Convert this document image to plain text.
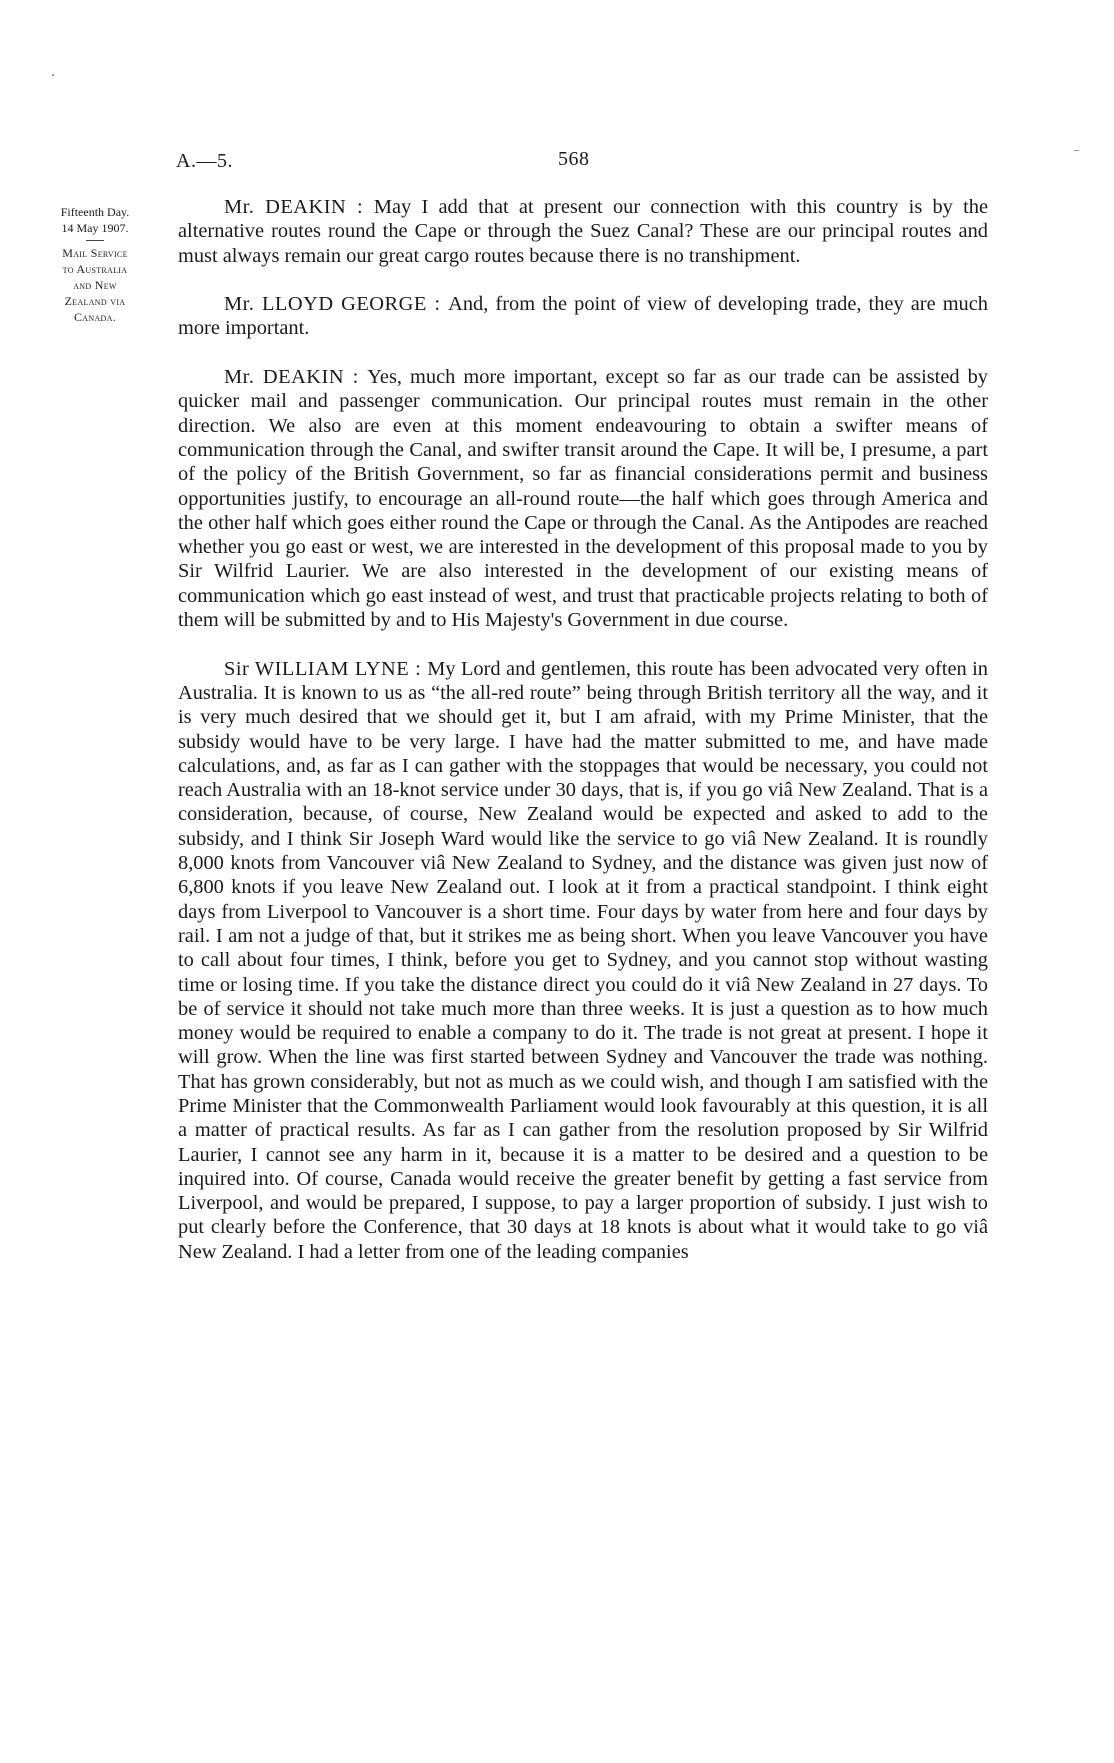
A.—5.	568
Fifteenth Day.
14 May 1907.
Mail Service
to Australia
and New
Zealand via
Canada.

Mr. DEAKIN : May I add that at present our connection with this country is by the alternative routes round the Cape or through the Suez Canal? These are our principal routes and must always remain our great cargo routes because there is no transhipment.

Mr. LLOYD GEORGE : And, from the point of view of developing trade, they are much more important.

Mr. DEAKIN : Yes, much more important, except so far as our trade can be assisted by quicker mail and passenger communication. Our principal routes must remain in the other direction. We also are even at this moment endeavouring to obtain a swifter means of communication through the Canal, and swifter transit around the Cape. It will be, I presume, a part of the policy of the British Government, so far as financial considerations permit and business opportunities justify, to encourage an all-round route—the half which goes through America and the other half which goes either round the Cape or through the Canal. As the Antipodes are reached whether you go east or west, we are interested in the development of this proposal made to you by Sir Wilfrid Laurier. We are also interested in the development of our existing means of communication which go east instead of west, and trust that practicable projects relating to both of them will be submitted by and to His Majesty's Government in due course.

Sir WILLIAM LYNE : My Lord and gentlemen, this route has been advocated very often in Australia. It is known to us as “the all-red route” being through British territory all the way, and it is very much desired that we should get it, but I am afraid, with my Prime Minister, that the subsidy would have to be very large. I have had the matter submitted to me, and have made calculations, and, as far as I can gather with the stoppages that would be necessary, you could not reach Australia with an 18-knot service under 30 days, that is, if you go viâ New Zealand. That is a consideration, because, of course, New Zealand would be expected and asked to add to the subsidy, and I think Sir Joseph Ward would like the service to go viâ New Zealand. It is roundly 8,000 knots from Vancouver viâ New Zealand to Sydney, and the distance was given just now of 6,800 knots if you leave New Zealand out. I look at it from a practical standpoint. I think eight days from Liverpool to Vancouver is a short time. Four days by water from here and four days by rail. I am not a judge of that, but it strikes me as being short. When you leave Vancouver you have to call about four times, I think, before you get to Sydney, and you cannot stop without wasting time or losing time. If you take the distance direct you could do it viâ New Zealand in 27 days. To be of service it should not take much more than three weeks. It is just a question as to how much money would be required to enable a company to do it. The trade is not great at present. I hope it will grow. When the line was first started between Sydney and Vancouver the trade was nothing. That has grown considerably, but not as much as we could wish, and though I am satisfied with the Prime Minister that the Commonwealth Parliament would look favourably at this question, it is all a matter of practical results. As far as I can gather from the resolution proposed by Sir Wilfrid Laurier, I cannot see any harm in it, because it is a matter to be desired and a question to be inquired into. Of course, Canada would receive the greater benefit by getting a fast service from Liverpool, and would be prepared, I suppose, to pay a larger proportion of subsidy. I just wish to put clearly before the Conference, that 30 days at 18 knots is about what it would take to go viâ New Zealand. I had a letter from one of the leading companies
